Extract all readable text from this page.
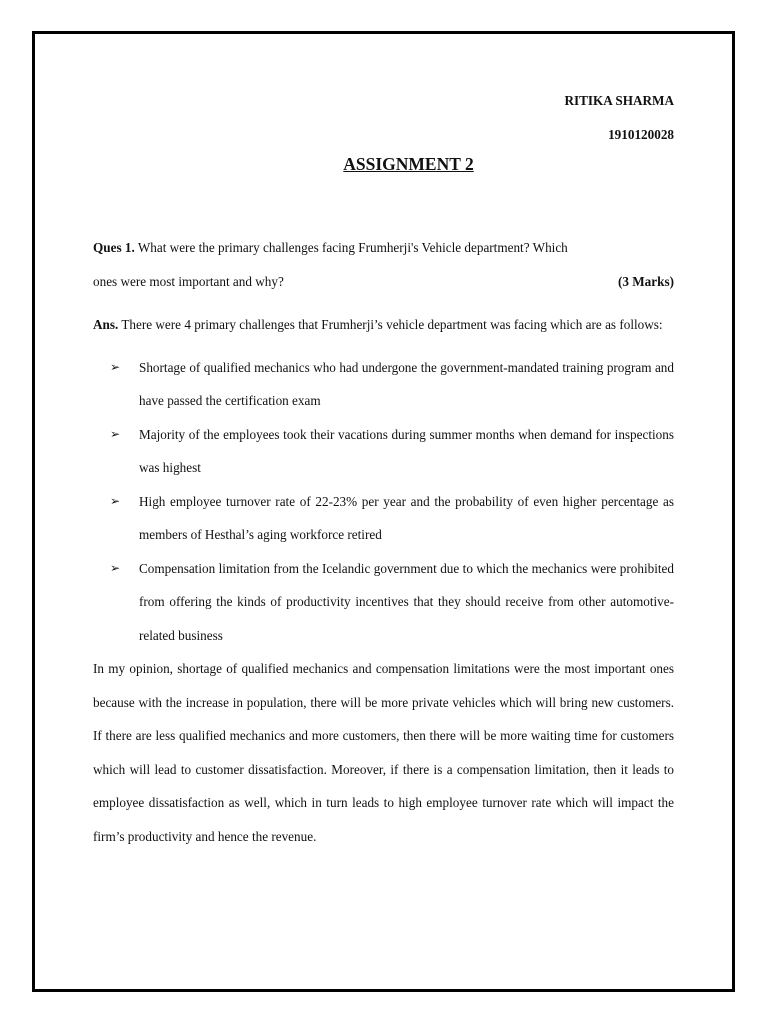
RITIKA SHARMA
1910120028
ASSIGNMENT 2
Ques 1. What were the primary challenges facing Frumherji's Vehicle department? Which
ones were most important and why?	(3 Marks)
Ans. There were 4 primary challenges that Frumherji’s vehicle department was facing which are as follows:
➢ Shortage of qualified mechanics who had undergone the government-mandated training program and have passed the certification exam
➢ Majority of the employees took their vacations during summer months when demand for inspections was highest
➢ High employee turnover rate of 22-23% per year and the probability of even higher percentage as members of Hesthal’s aging workforce retired
➢ Compensation limitation from the Icelandic government due to which the mechanics were prohibited from offering the kinds of productivity incentives that they should receive from other automotive-related business
In my opinion, shortage of qualified mechanics and compensation limitations were the most important ones because with the increase in population, there will be more private vehicles which will bring new customers. If there are less qualified mechanics and more customers, then there will be more waiting time for customers which will lead to customer dissatisfaction. Moreover, if there is a compensation limitation, then it leads to employee dissatisfaction as well, which in turn leads to high employee turnover rate which will impact the firm’s productivity and hence the revenue.
